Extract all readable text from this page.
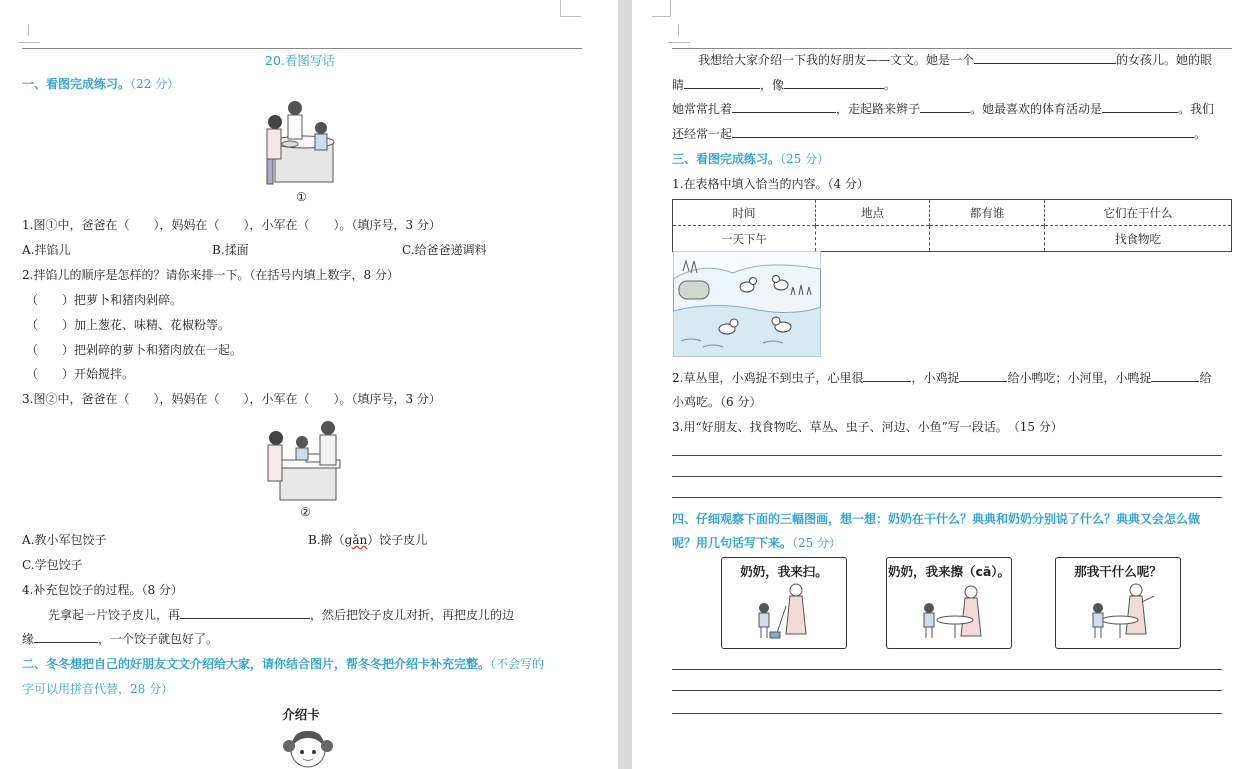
20.看图写话
一、看图完成练习。（22 分）
①
1.图①中，爸爸在（　　），妈妈在（　　），小军在（　　）。（填序号，3 分）
A.拌馅儿	B.揉面	C.给爸爸递调料
2.拌馅儿的顺序是怎样的？请你来排一下。（在括号内填上数字，8 分）
（　　）把萝卜和猪肉剁碎。
（　　）加上葱花、味精、花椒粉等。
（　　）把剁碎的萝卜和猪肉放在一起。
（　　）开始搅拌。
3.图②中，爸爸在（　　），妈妈在（　　），小军在（　　）。（填序号，3 分）
②
A.教小军包饺子	B.擀（gǎn）饺子皮儿
C.学包饺子
4.补充包饺子的过程。（8 分）
先拿起一片饺子皮儿，再	，然后把饺子皮儿对折，再把皮儿的边
缘	，一个饺子就包好了。
二、冬冬想把自己的好朋友文文介绍给大家，请你结合图片，帮冬冬把介绍卡补充完整。（不会写的
字可以用拼音代替，28 分）
介绍卡
我想给大家介绍一下我的好朋友——文文。她是一个	的女孩儿。她的眼
睛	，像	。
她常常扎着	，走起路来辫子	。她最喜欢的体育活动是	。我们
还经常一起	。
三、看图完成练习。（25 分）
1.在表格中填入恰当的内容。（4 分）
时间	地点	都有谁	它们在干什么
一天下午			找食物吃
2.草丛里，小鸡捉不到虫子，心里很	，小鸡捉	给小鸭吃；小河里，小鸭捉	给
小鸡吃。（6 分）
3.用“好朋友、找食物吃、草丛、虫子、河边、小鱼”写一段话。　（15 分）
四、仔细观察下面的三幅图画，想一想：奶奶在干什么？典典和奶奶分别说了什么？典典又会怎么做
呢？用几句话写下来。（25 分）
奶奶，我来扫。	奶奶，我来擦（cā）。	那我干什么呢？
